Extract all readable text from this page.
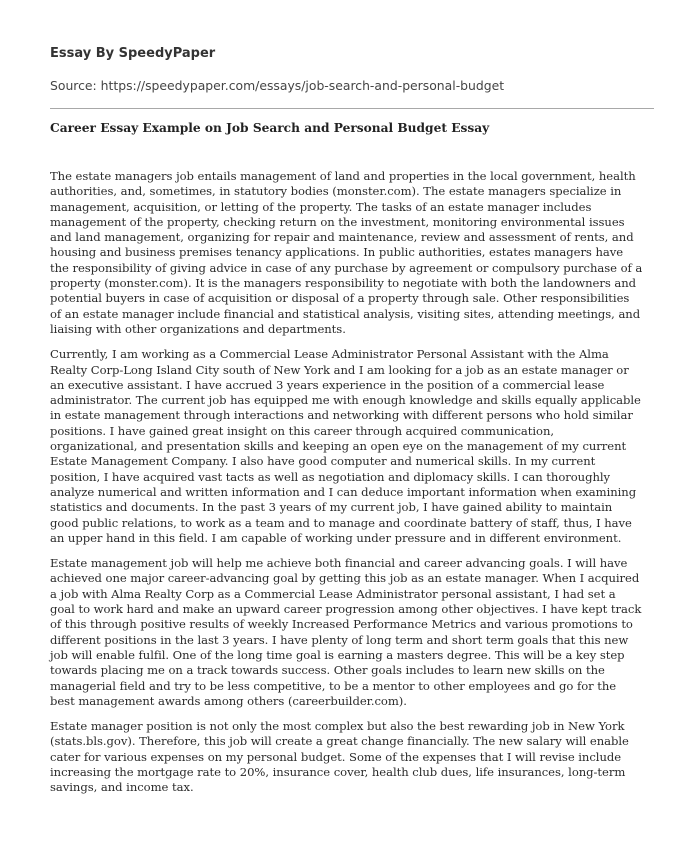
Essay By SpeedyPaper

Source: https://speedypaper.com/essays/job-search-and-personal-budget

Career Essay Example on Job Search and Personal Budget Essay

The estate managers job entails management of land and properties in the local government, health
authorities, and, sometimes, in statutory bodies (monster.com). The estate managers specialize in
management, acquisition, or letting of the property. The tasks of an estate manager includes
management of the property, checking return on the investment, monitoring environmental issues
and land management, organizing for repair and maintenance, review and assessment of rents, and
housing and business premises tenancy applications. In public authorities, estates managers have
the responsibility of giving advice in case of any purchase by agreement or compulsory purchase of a
property (monster.com). It is the managers responsibility to negotiate with both the landowners and
potential buyers in case of acquisition or disposal of a property through sale. Other responsibilities
of an estate manager include financial and statistical analysis, visiting sites, attending meetings, and
liaising with other organizations and departments.

Currently, I am working as a Commercial Lease Administrator Personal Assistant with the Alma
Realty Corp-Long Island City south of New York and I am looking for a job as an estate manager or
an executive assistant. I have accrued 3 years experience in the position of a commercial lease
administrator. The current job has equipped me with enough knowledge and skills equally applicable
in estate management through interactions and networking with different persons who hold similar
positions. I have gained great insight on this career through acquired communication,
organizational, and presentation skills and keeping an open eye on the management of my current
Estate Management Company. I also have good computer and numerical skills. In my current
position, I have acquired vast tacts as well as negotiation and diplomacy skills. I can thoroughly
analyze numerical and written information and I can deduce important information when examining
statistics and documents. In the past 3 years of my current job, I have gained ability to maintain
good public relations, to work as a team and to manage and coordinate battery of staff, thus, I have
an upper hand in this field. I am capable of working under pressure and in different environment.

Estate management job will help me achieve both financial and career advancing goals. I will have
achieved one major career-advancing goal by getting this job as an estate manager. When I acquired
a job with Alma Realty Corp as a Commercial Lease Administrator personal assistant, I had set a
goal to work hard and make an upward career progression among other objectives. I have kept track
of this through positive results of weekly Increased Performance Metrics and various promotions to
different positions in the last 3 years. I have plenty of long term and short term goals that this new
job will enable fulfil. One of the long time goal is earning a masters degree. This will be a key step
towards placing me on a track towards success. Other goals includes to learn new skills on the
managerial field and try to be less competitive, to be a mentor to other employees and go for the
best management awards among others (careerbuilder.com).

Estate manager position is not only the most complex but also the best rewarding job in New York
(stats.bls.gov). Therefore, this job will create a great change financially. The new salary will enable
cater for various expenses on my personal budget. Some of the expenses that I will revise include
increasing the mortgage rate to 20%, insurance cover, health club dues, life insurances, long-term
savings, and income tax.
